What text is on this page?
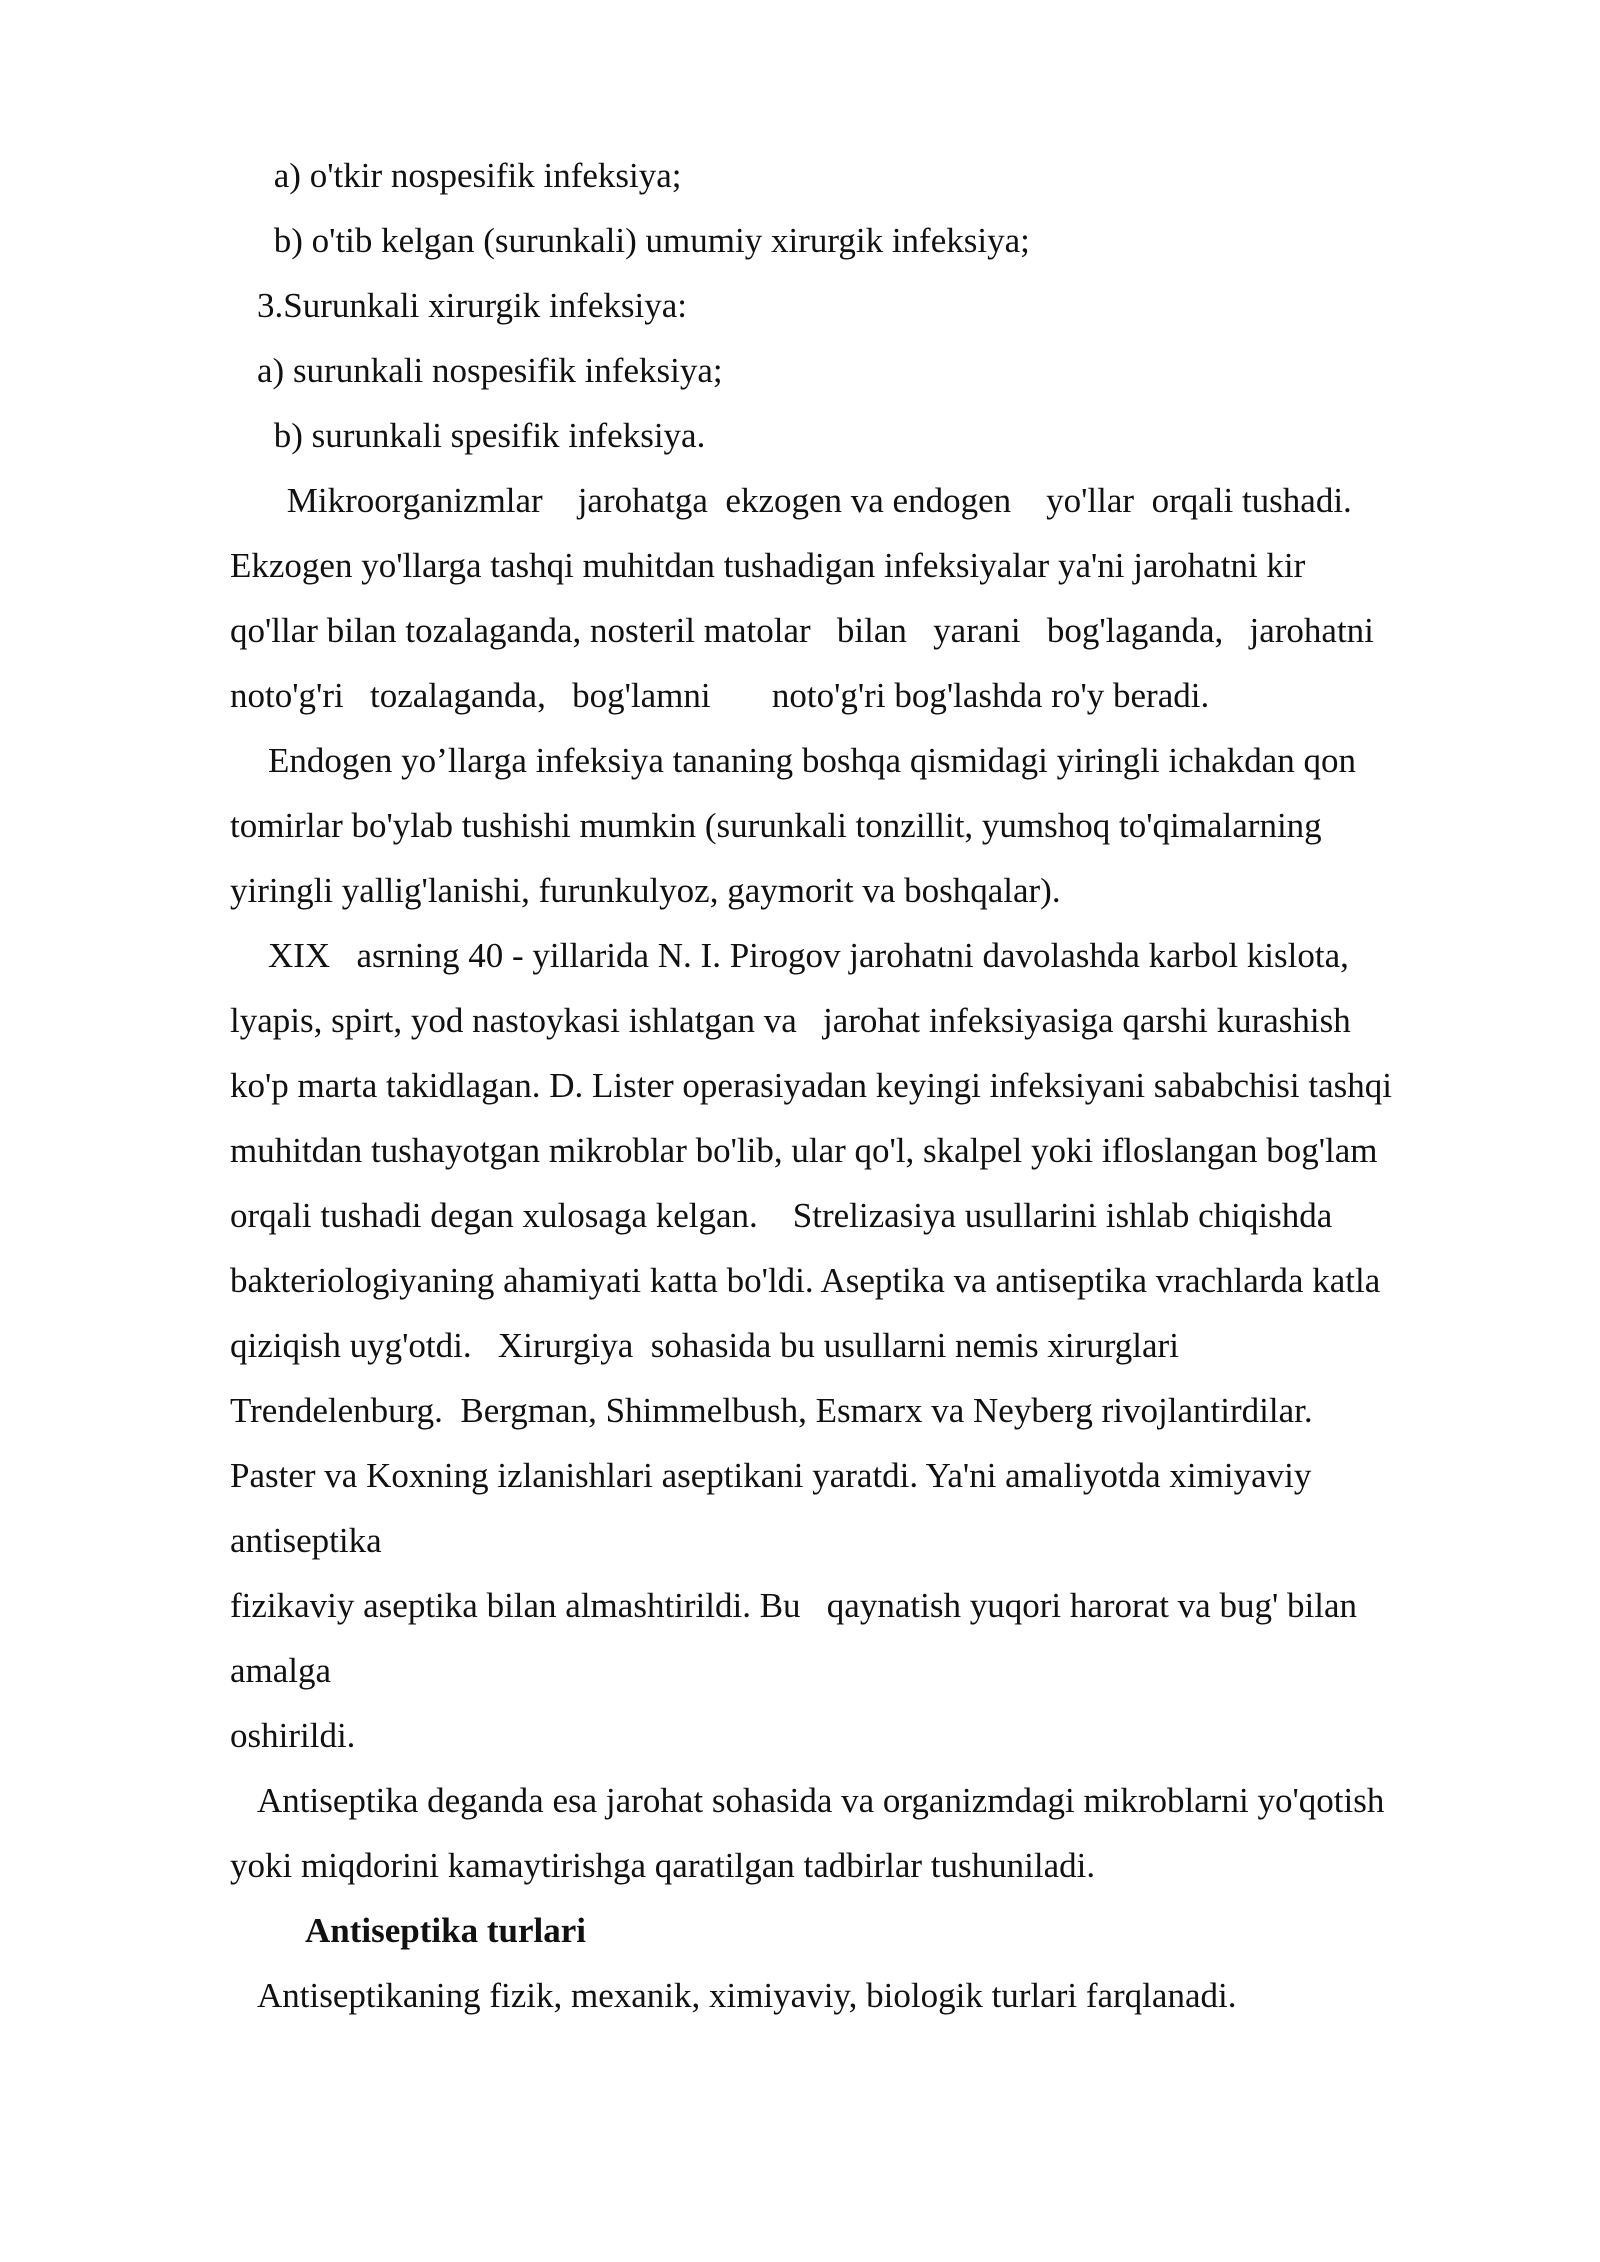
a) o'tkir nospesifik infeksiya;
b) o'tib kelgan (surunkali) umumiy xirurgik infeksiya;
3.Surunkali xirurgik infeksiya:
a) surunkali nospesifik infeksiya;
b) surunkali spesifik infeksiya.
Mikroorganizmlar    jarohatga  ekzogen va endogen    yo'llar  orqali tushadi.
Ekzogen yo'llarga tashqi muhitdan tushadigan infeksiyalar ya'ni jarohatni kir
qo'llar bilan tozalaganda, nosteril matolar   bilan   yarani   bog'laganda,   jarohatni
noto'g'ri   tozalaganda,   bog'lamni       noto'g'ri bog'lashda ro'y beradi.
Endogen yo’llarga infeksiya tananing boshqa qismidagi yiringli ichakdan qon
tomirlar bo'ylab tushishi mumkin (surunkali tonzillit, yumshoq to'qimalarning
yiringli yallig'lanishi, furunkulyoz, gaymorit va boshqalar).
XIX   asrning 40 - yillarida N. I. Pirogov jarohatni davolashda karbol kislota,
lyapis, spirt, yod nastoykasi ishlatgan va   jarohat infeksiyasiga qarshi kurashish
ko'p marta takidlagan. D. Lister operasiyadan keyingi infeksiyani sababchisi tashqi
muhitdan tushayotgan mikroblar bo'lib, ular qo'l, skalpel yoki ifloslangan bog'lam
orqali tushadi degan xulosaga kelgan.    Strelizasiya usullarini ishlab chiqishda
bakteriologiyaning ahamiyati katta bo'ldi. Aseptika va antiseptika vrachlarda katla
qiziqish uyg'otdi.   Xirurgiya  sohasida bu usullarni nemis xirurglari
Trendelenburg.  Bergman, Shimmelbush, Esmarx va Neyberg rivojlantirdilar.
Paster va Koxning izlanishlari aseptikani yaratdi. Ya'ni amaliyotda ximiyaviy
antiseptika
fizikaviy aseptika bilan almashtirildi. Bu   qaynatish yuqori harorat va bug' bilan
amalga
oshirildi.
Antiseptika deganda esa jarohat sohasida va organizmdagi mikroblarni yo'qotish
yoki miqdorini kamaytirishga qaratilgan tadbirlar tushuniladi.
Antiseptika turlari
Antiseptikaning fizik, mexanik, ximiyaviy, biologik turlari farqlanadi.
